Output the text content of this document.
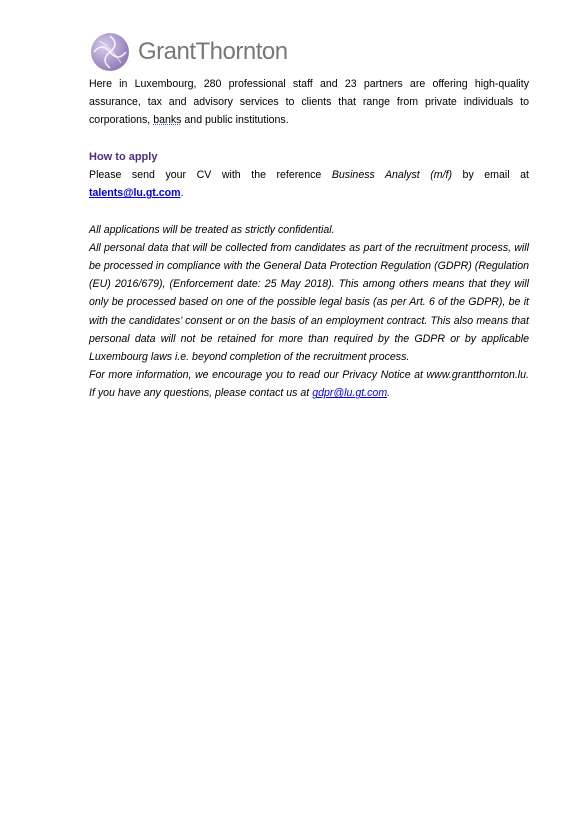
GrantThornton

Here in Luxembourg, 280 professional staff and 23 partners are offering high-quality assurance, tax and advisory services to clients that range from private individuals to corporations, banks and public institutions.

How to apply

Please send your CV with the reference Business Analyst (m/f) by email at talents@lu.gt.com.

All applications will be treated as strictly confidential.

All personal data that will be collected from candidates as part of the recruitment process, will be processed in compliance with the General Data Protection Regulation (GDPR) (Regulation (EU) 2016/679), (Enforcement date: 25 May 2018). This among others means that they will only be processed based on one of the possible legal basis (as per Art. 6 of the GDPR), be it with the candidates’ consent or on the basis of an employment contract. This also means that personal data will not be retained for more than required by the GDPR or by applicable Luxembourg laws i.e. beyond completion of the recruitment process.

For more information, we encourage you to read our Privacy Notice at www.grantthornton.lu. If you have any questions, please contact us at gdpr@lu.gt.com.
